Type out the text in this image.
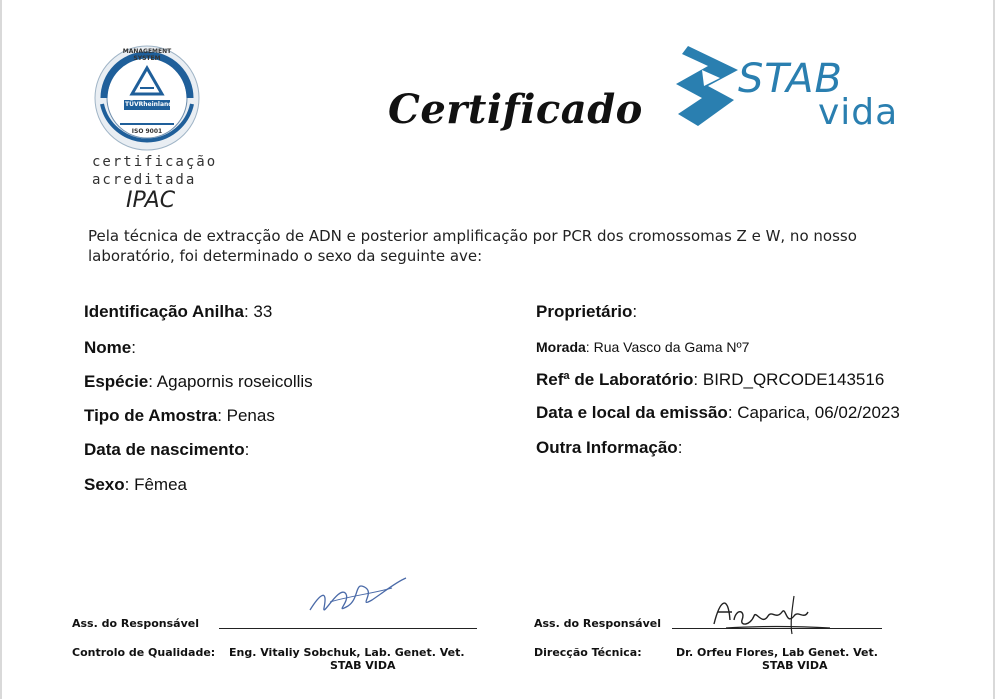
MANAGEMENT SYSTEM
TÜVRheinland
ISO 9001
certificação
acreditada
IPAC
Certificado
STAB
vida
Pela técnica de extracção de ADN e posterior amplificação por PCR dos cromossomas Z e W, no nosso laboratório, foi determinado o sexo da seguinte ave:
Identificação Anilha: 33
Nome:
Espécie: Agapornis roseicollis
Tipo de Amostra: Penas
Data de nascimento:
Sexo: Fêmea
Proprietário:
Morada: Rua Vasco da Gama Nº7
Refª de Laboratório: BIRD_QRCODE143516
Data e local da emissão: Caparica, 06/02/2023
Outra Informação:
Ass. do Responsável
Controlo de Qualidade: Eng. Vitaliy Sobchuk, Lab. Genet. Vet.
STAB VIDA
Ass. do Responsável
Direcção Técnica:	Dr. Orfeu Flores, Lab Genet. Vet.
STAB VIDA
